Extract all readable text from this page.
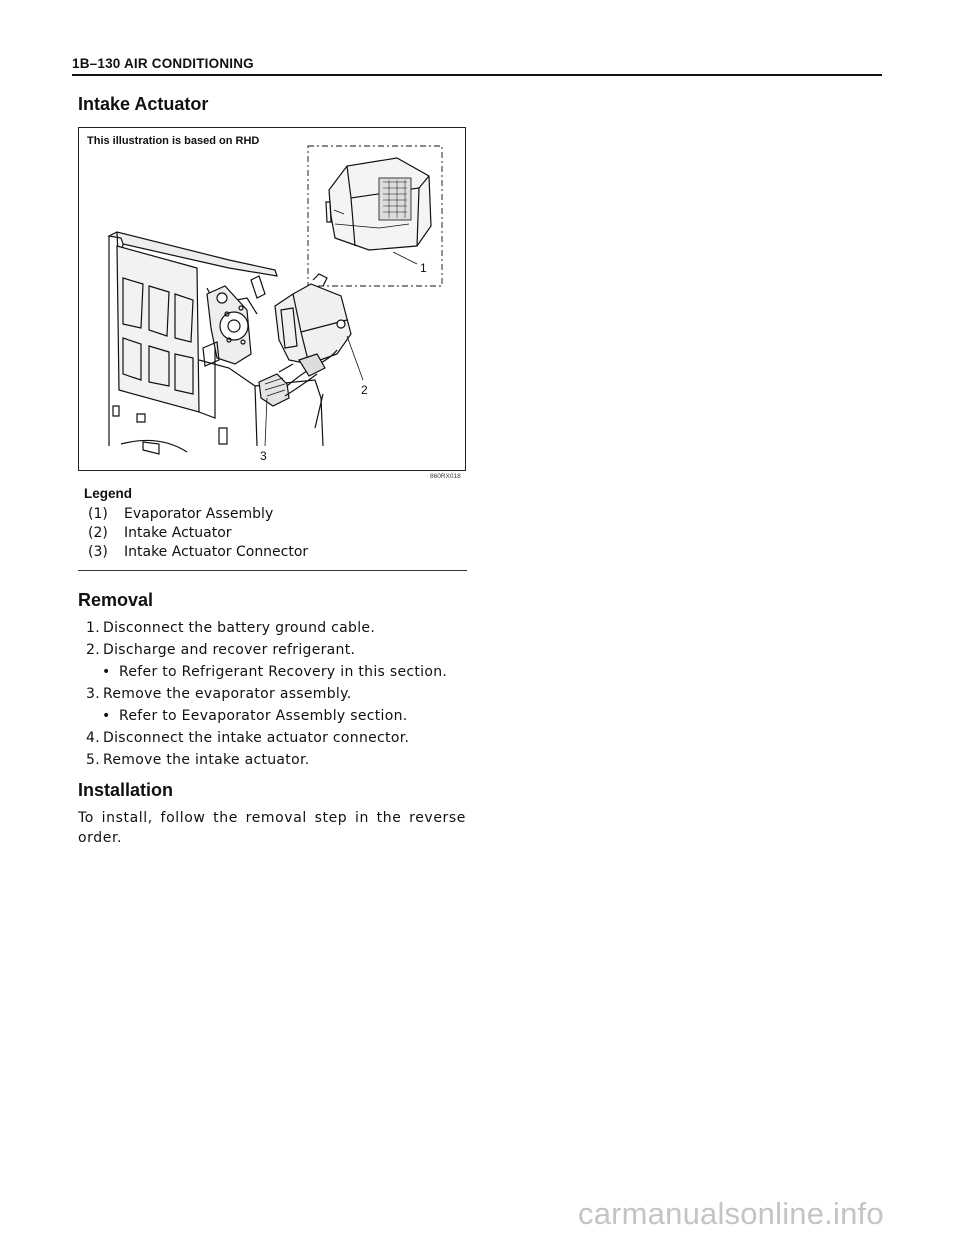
1B–130 AIR CONDITIONING
Intake Actuator
1
2
3
This illustration is based on RHD
860RX018
Legend
(1)	Evaporator Assembly
(2)	Intake Actuator
(3)	Intake Actuator Connector
Removal
1. Disconnect the battery ground cable.
2. Discharge and recover refrigerant.
• Refer to Refrigerant Recovery in this section.
3. Remove the evaporator assembly.
• Refer to Eevaporator Assembly section.
4. Disconnect the intake actuator connector.
5. Remove the intake actuator.
Installation

To install, follow the removal step in the reverse order.

carmanualsonline.info
